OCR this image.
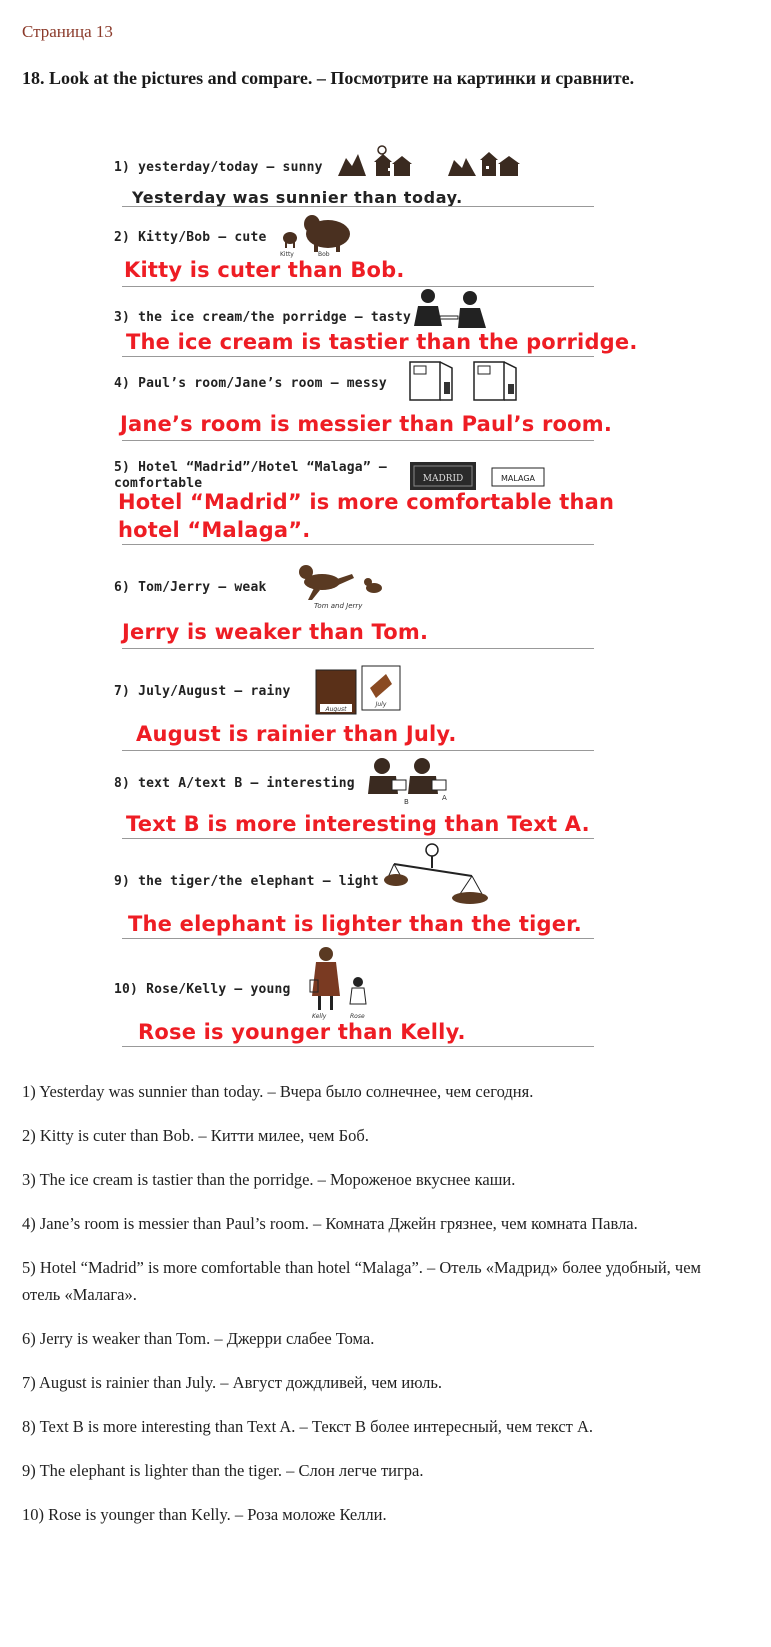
Страница 13
18. Look at the pictures and compare. – Посмотрите на картинки и сравните.
1) yesterday/today — sunny
Yesterday was sunnier than today.
2) Kitty/Bob — cute
Kitty	Bob
Kitty is cuter than Bob.
3) the ice cream/the porridge — tasty
The ice cream is tastier than the porridge.
4) Paul’s room/Jane’s room — messy
Jane’s room is messier than Paul’s room.
5) Hotel “Madrid”/Hotel “Malaga” — comfortable	MADRID	MALAGA
Hotel “Madrid” is more comfortable than hotel “Malaga”.
6) Tom/Jerry — weak
Tom and Jerry
Jerry is weaker than Tom.
7) July/August — rainy
August
July
August is rainier than July.
8) text A/text B — interesting
B	A
Text B is more interesting than Text A.
9) the tiger/the elephant — light
The elephant is lighter than the tiger.
10) Rose/Kelly — young
Kelly	Rose
Rose is younger than Kelly.

1) Yesterday was sunnier than today. – Вчера было солнечнее, чем сегодня.

2) Kitty is cuter than Bob. – Китти милее, чем Боб.

3) The ice cream is tastier than the porridge. – Мороженое вкуснее каши.

4) Jane’s room is messier than Paul’s room. – Комната Джейн грязнее, чем комната Павла.

5) Hotel “Madrid” is more comfortable than hotel “Malaga”. – Отель «Мадрид» более удобный, чем отель «Малага».

6) Jerry is weaker than Tom. – Джерри слабее Тома.

7) August is rainier than July. – Август дождливей, чем июль.

8) Text B is more interesting than Text A. – Текст B более интересный, чем текст А.

9) The elephant is lighter than the tiger. – Слон легче тигра.

10) Rose is younger than Kelly. – Роза моложе Келли.
